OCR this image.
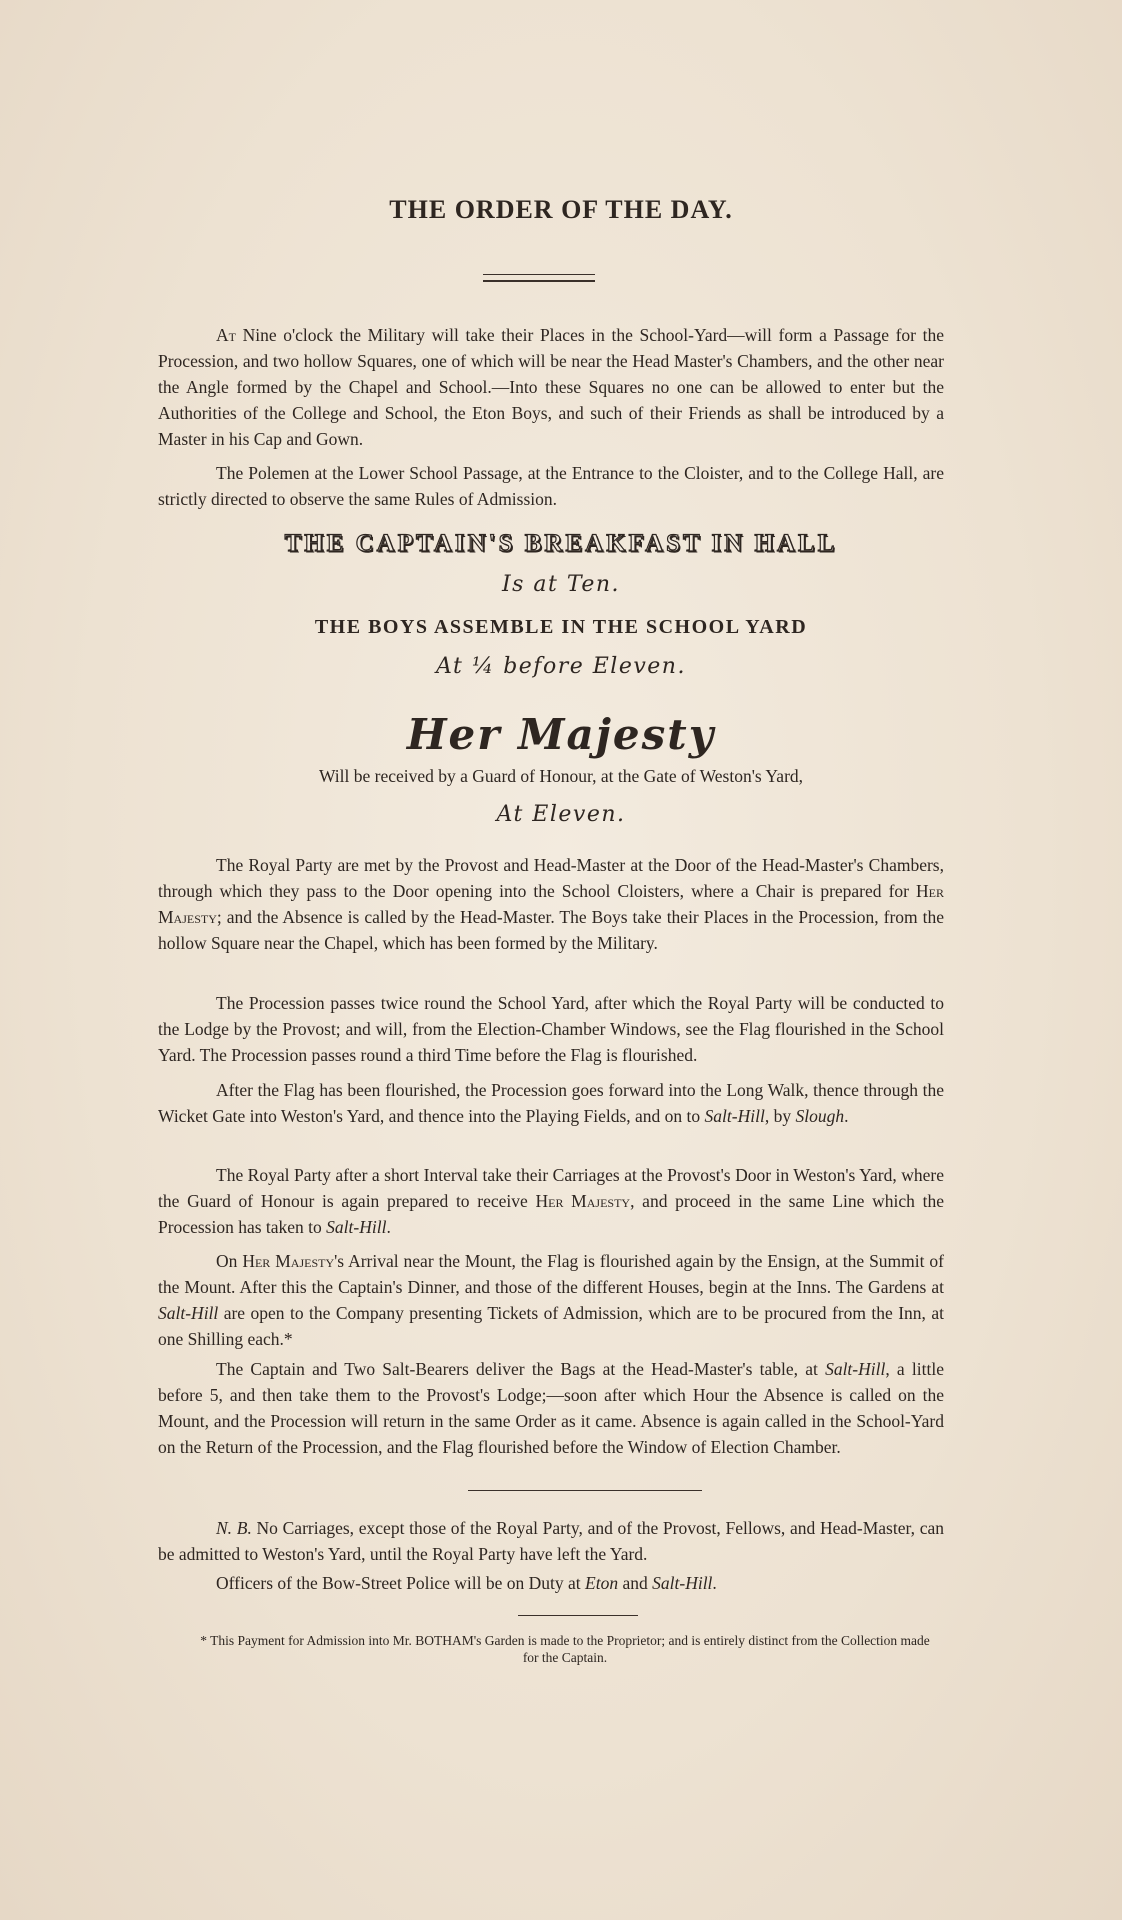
THE ORDER OF THE DAY.
At Nine o'clock the Military will take their Places in the School-Yard—will form a Passage for the Procession, and two hollow Squares, one of which will be near the Head Master's Chambers, and the other near the Angle formed by the Chapel and School.—Into these Squares no one can be allowed to enter but the Authorities of the College and School, the Eton Boys, and such of their Friends as shall be introduced by a Master in his Cap and Gown.
The Polemen at the Lower School Passage, at the Entrance to the Cloister, and to the College Hall, are strictly directed to observe the same Rules of Admission.
THE CAPTAIN'S BREAKFAST IN HALL
Is at Ten.
THE BOYS ASSEMBLE IN THE SCHOOL YARD
At ¼ before Eleven.
Her Majesty
Will be received by a Guard of Honour, at the Gate of Weston's Yard,
At Eleven.
The Royal Party are met by the Provost and Head-Master at the Door of the Head-Master's Chambers, through which they pass to the Door opening into the School Cloisters, where a Chair is prepared for Her Majesty; and the Absence is called by the Head-Master. The Boys take their Places in the Procession, from the hollow Square near the Chapel, which has been formed by the Military.
The Procession passes twice round the School Yard, after which the Royal Party will be conducted to the Lodge by the Provost; and will, from the Election-Chamber Windows, see the Flag flourished in the School Yard. The Procession passes round a third Time before the Flag is flourished.
After the Flag has been flourished, the Procession goes forward into the Long Walk, thence through the Wicket Gate into Weston's Yard, and thence into the Playing Fields, and on to Salt-Hill, by Slough.
The Royal Party after a short Interval take their Carriages at the Provost's Door in Weston's Yard, where the Guard of Honour is again prepared to receive Her Majesty, and proceed in the same Line which the Procession has taken to Salt-Hill.
On Her Majesty's Arrival near the Mount, the Flag is flourished again by the Ensign, at the Summit of the Mount. After this the Captain's Dinner, and those of the different Houses, begin at the Inns. The Gardens at Salt-Hill are open to the Company presenting Tickets of Admission, which are to be procured from the Inn, at one Shilling each.*
The Captain and Two Salt-Bearers deliver the Bags at the Head-Master's table, at Salt-Hill, a little before 5, and then take them to the Provost's Lodge;—soon after which Hour the Absence is called on the Mount, and the Procession will return in the same Order as it came. Absence is again called in the School-Yard on the Return of the Procession, and the Flag flourished before the Window of Election Chamber.
N. B. No Carriages, except those of the Royal Party, and of the Provost, Fellows, and Head-Master, can be admitted to Weston's Yard, until the Royal Party have left the Yard.
Officers of the Bow-Street Police will be on Duty at Eton and Salt-Hill.
* This Payment for Admission into Mr. BOTHAM's Garden is made to the Proprietor; and is entirely distinct from the Collection made for the Captain.
